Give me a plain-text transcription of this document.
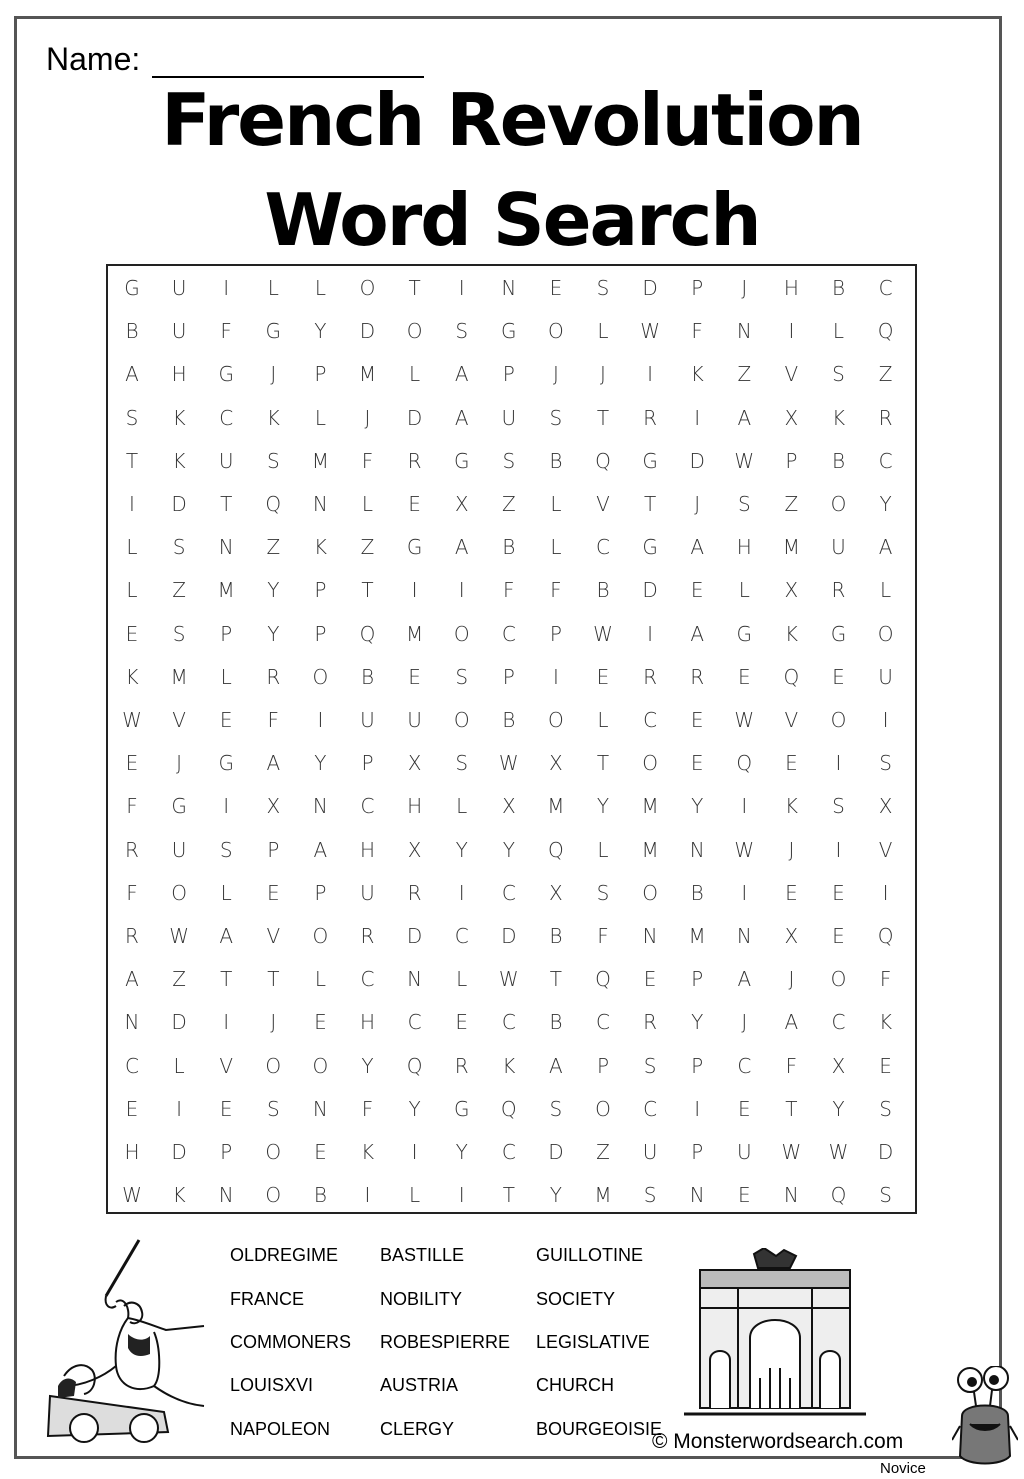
Name:
French Revolution
Word Search
G	U	I	L	L	O	T	I	N	E	S	D	P	J	H	B	C
B	U	F	G	Y	D	O	S	G	O	L	W	F	N	I	L	Q
A	H	G	J	P	M	L	A	P	J	J	I	K	Z	V	S	Z
S	K	C	K	L	J	D	A	U	S	T	R	I	A	X	K	R
T	K	U	S	M	F	R	G	S	B	Q	G	D	W	P	B	C
I	D	T	Q	N	L	E	X	Z	L	V	T	J	S	Z	O	Y
L	S	N	Z	K	Z	G	A	B	L	C	G	A	H	M	U	A
L	Z	M	Y	P	T	I	I	F	F	B	D	E	L	X	R	L
E	S	P	Y	P	Q	M	O	C	P	W	I	A	G	K	G	O
K	M	L	R	O	B	E	S	P	I	E	R	R	E	Q	E	U
W	V	E	F	I	U	U	O	B	O	L	C	E	W	V	O	I
E	J	G	A	Y	P	X	S	W	X	T	O	E	Q	E	I	S
F	G	I	X	N	C	H	L	X	M	Y	M	Y	I	K	S	X
R	U	S	P	A	H	X	Y	Y	Q	L	M	N	W	J	I	V
F	O	L	E	P	U	R	I	C	X	S	O	B	I	E	E	I
R	W	A	V	O	R	D	C	D	B	F	N	M	N	X	E	Q
A	Z	T	T	L	C	N	L	W	T	Q	E	P	A	J	O	F
N	D	I	J	E	H	C	E	C	B	C	R	Y	J	A	C	K
C	L	V	O	O	Y	Q	R	K	A	P	S	P	C	F	X	E
E	I	E	S	N	F	Y	G	Q	S	O	C	I	E	T	Y	S
H	D	P	O	E	K	I	Y	C	D	Z	U	P	U	W	W	D
W	K	N	O	B	I	L	I	T	Y	M	S	N	E	N	Q	S
OLDREGIME
FRANCE
COMMONERS
LOUISXVI
NAPOLEON
BASTILLE
NOBILITY
ROBESPIERRE
AUSTRIA
CLERGY
GUILLOTINE
SOCIETY
LEGISLATIVE
CHURCH
BOURGEOISIE
© Monsterwordsearch.com
Novice
